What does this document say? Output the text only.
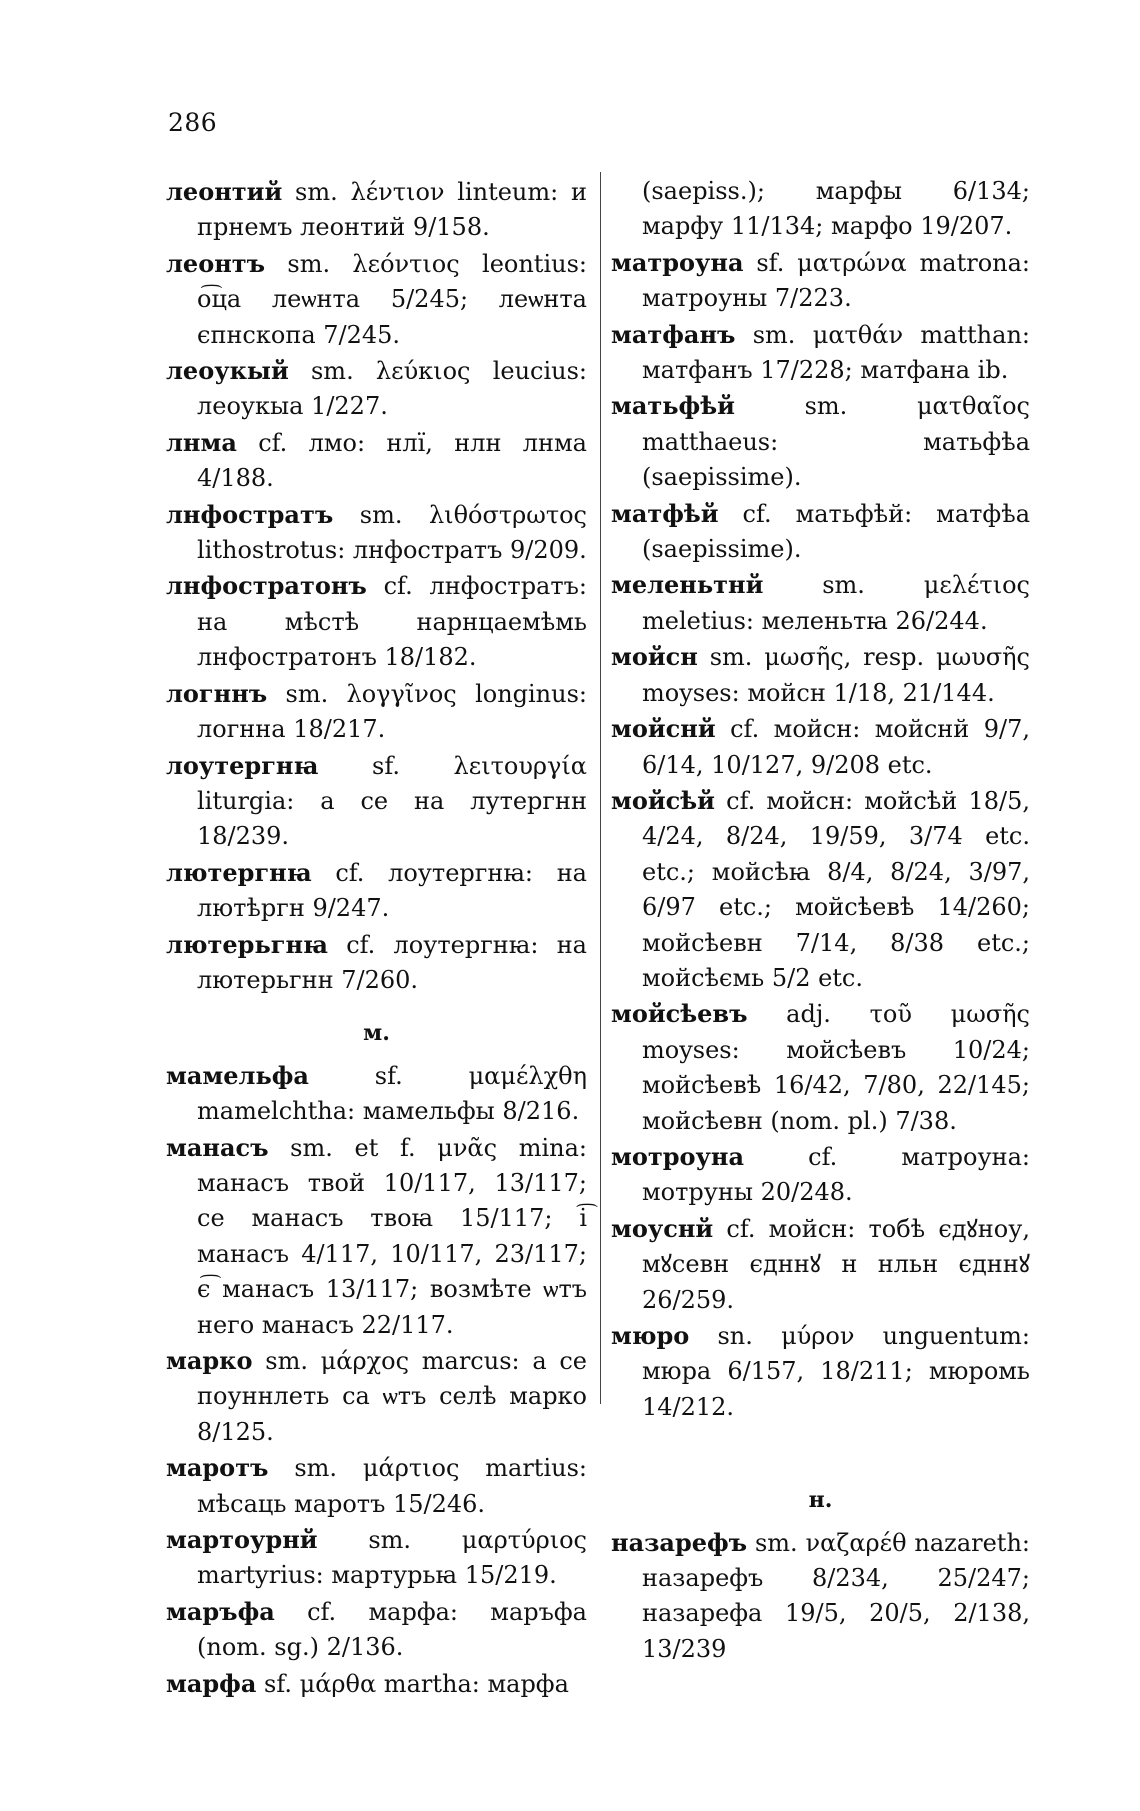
286

леонтий sm. λέντιον linteum: и прнемъ леонтий 9/158.

леонтъ sm. λεόντιος leontius: о͡ца леѡнта 5/245; леѡнта єпнскопа 7/245.

леоукый sm. λεύκιος leucius: леоукыа 1/227.

лнма cf. лмо: нлї, нлн лнма 4/188.

лнфостратъ sm. λιθόστρωτος lithostrotus: лнфостратъ 9/209.

лнфостратонъ cf. лнфостратъ: на мѣстѣ нарнцаемѣмь лнфостратонъ 18/182.

логннъ sm. λογγῖνος longinus: логнна 18/217.

лоутергнꙗ sf. λειτουργία liturgia: а се на лутергнн 18/239.

лютергнꙗ cf. лоутергнꙗ: на лютѣргн 9/247.

лютерьгнꙗ cf. лоутергнꙗ: на лютерьгнн 7/260.

м.

мамельфа sf. μαμέλχθη mamelchtha: мамельфы 8/216.

манасъ sm. et f. μνᾶς mina: манасъ твой 10/117, 13/117; се манасъ твоꙗ 15/117; і͡ манасъ 4/117, 10/117, 23/117; є͡ манасъ 13/117; возмѣте ѡтъ него манасъ 22/117.

марко sm. μάρχος marcus: а се поуннлеть са ѡтъ селѣ марко 8/125.

маротъ sm. μάρτιος martius: мѣсаць маротъ 15/246.

мартоурнй sm. μαρτύριος martyrius: мартурьꙗ 15/219.

маръфа cf. марфа: маръфа (nom. sg.) 2/136.

марфа sf. μάρθα martha: марфа

(saepiss.); марфы 6/134; марфу 11/134; марфо 19/207.

матроуна sf. ματρώνα matrona: матроуны 7/223.

матфанъ sm. ματθάν matthan: матфанъ 17/228; матфана ib.

матьфѣй sm. ματθαῖος matthaeus: матьфѣа (saepissime).

матфѣй cf. матьфѣй: матфѣа (saepissime).

меленьтнй sm. μελέτιος meletius: меленьтꙗ 26/244.

мойсн sm. μωσῆς, resp. μωυσῆς moyses: мойсн 1/18, 21/144.

мойснй cf. мойсн: мойснй 9/7, 6/14, 10/127, 9/208 etc.

мойсѣй cf. мойсн: мойсѣй 18/5, 4/24, 8/24, 19/59, 3/74 etc. etc.; мойсѣꙗ 8/4, 8/24, 3/97, 6/97 etc.; мойсѣевѣ 14/260; мойсѣевн 7/14, 8/38 etc.; мойсѣємь 5/2 etc.

мойсѣевъ adj. τοῦ μωσῆς moyses: мойсѣевъ 10/24; мойсѣевѣ 16/42, 7/80, 22/145; мойсѣевн (nom. pl.) 7/38.

мотроуна cf. матроуна: мотруны 20/248.

моуснй cf. мойсн: тобѣ єдꙋноу, мꙋсевн єдннꙋ н нльн єдннꙋ 26/259.

мюро sn. μύρον unguentum: мюра 6/157, 18/211; мюромь 14/212.

н.

назарефъ sm. ναζαρέθ nazareth: назарефъ 8/234, 25/247; назарефа 19/5, 20/5, 2/138, 13/239
